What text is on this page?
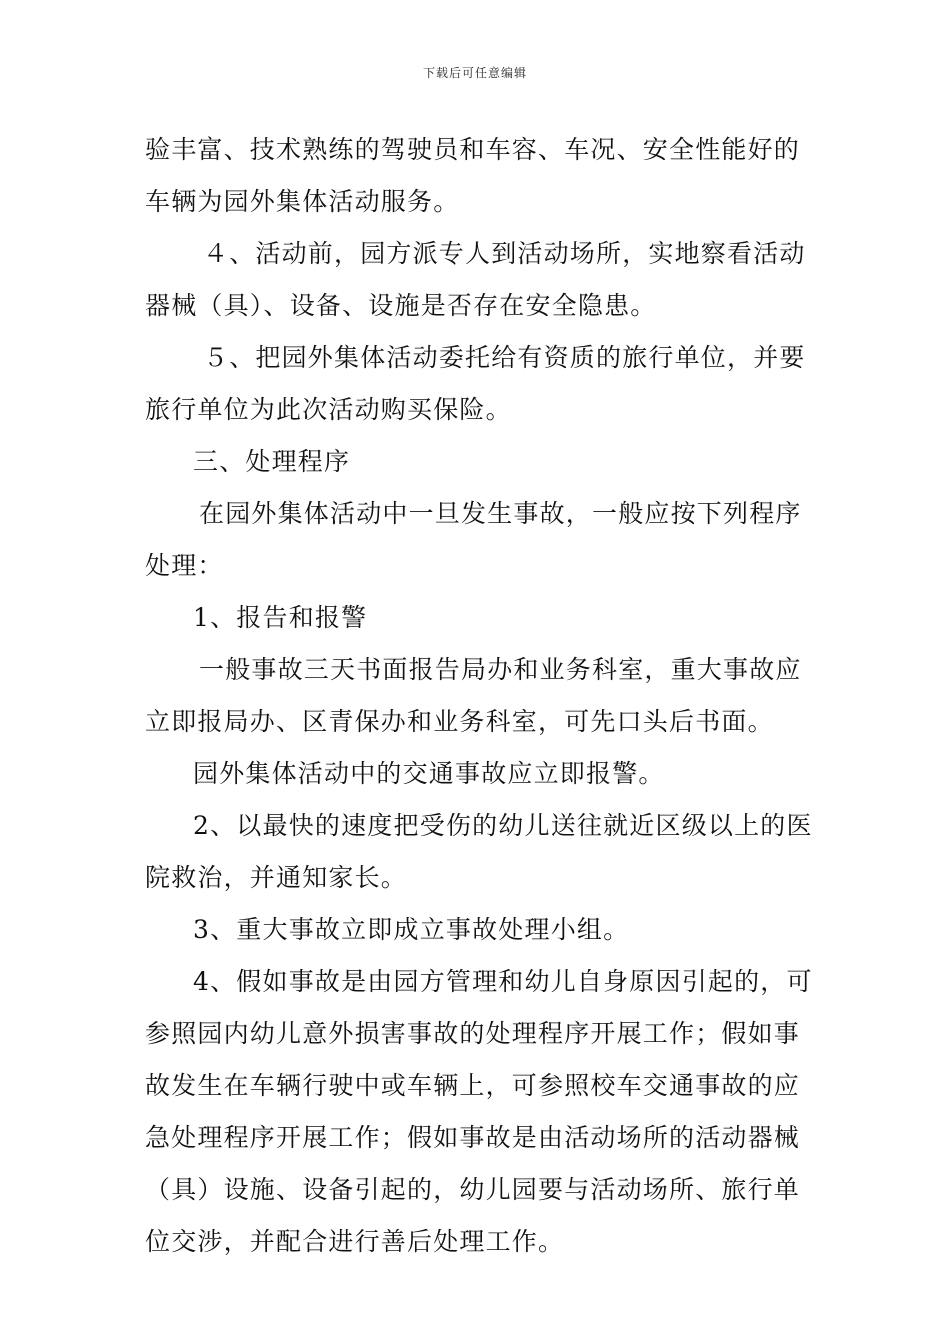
下载后可任意编辑
验丰富、技术熟练的驾驶员和车容、车况、安全性能好的
车辆为园外集体活动服务。
４、活动前，园方派专人到活动场所，实地察看活动
器械（具）、设备、设施是否存在安全隐患。
５、把园外集体活动委托给有资质的旅行单位，并要
旅行单位为此次活动购买保险。
三、处理程序
在园外集体活动中一旦发生事故，一般应按下列程序
处理：
1、报告和报警
一般事故三天书面报告局办和业务科室，重大事故应
立即报局办、区青保办和业务科室，可先口头后书面。
园外集体活动中的交通事故应立即报警。
2、以最快的速度把受伤的幼儿送往就近区级以上的医
院救治，并通知家长。
3、重大事故立即成立事故处理小组。
4、假如事故是由园方管理和幼儿自身原因引起的，可
参照园内幼儿意外损害事故的处理程序开展工作；假如事
故发生在车辆行驶中或车辆上，可参照校车交通事故的应
急处理程序开展工作；假如事故是由活动场所的活动器械
（具）设施、设备引起的，幼儿园要与活动场所、旅行单
位交涉，并配合进行善后处理工作。
